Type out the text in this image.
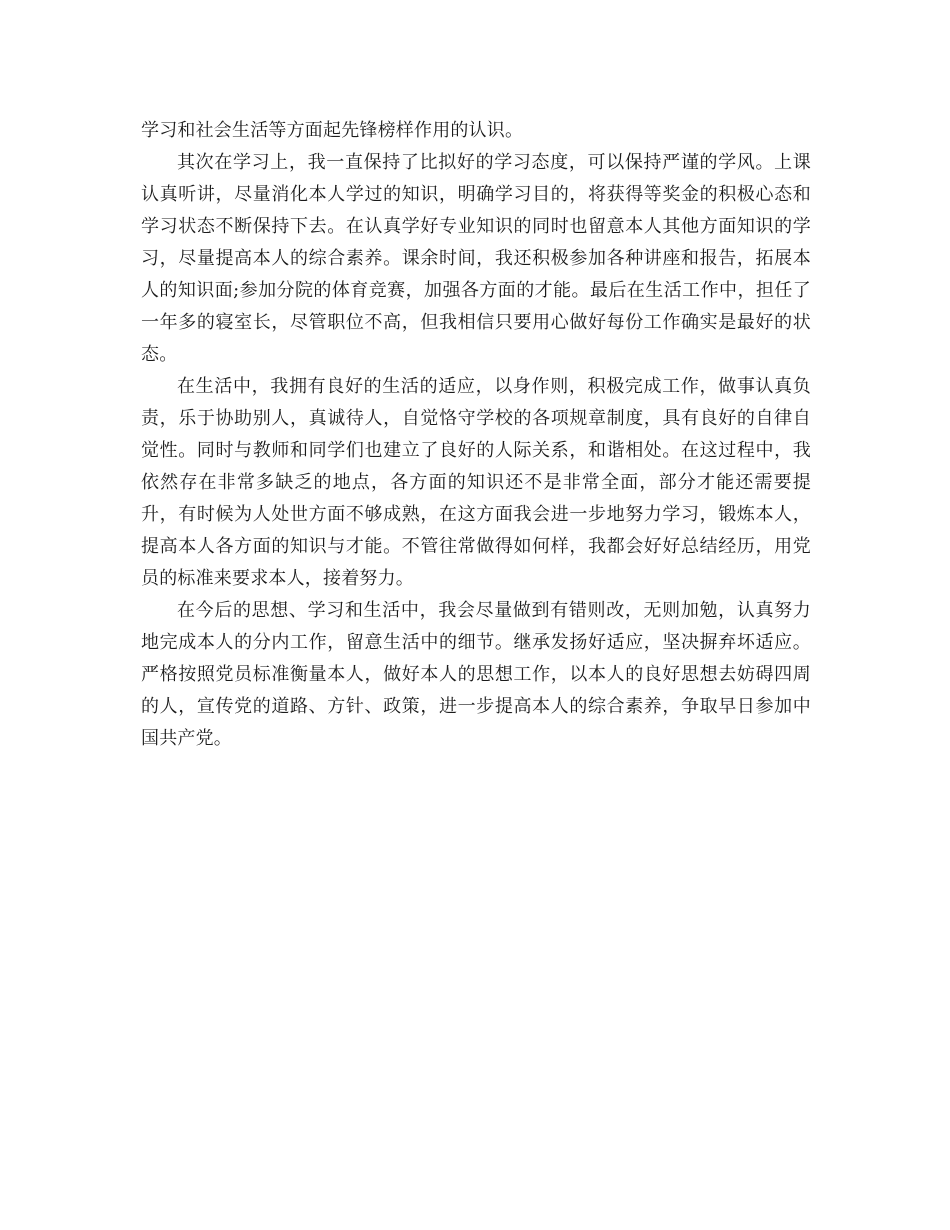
学习和社会生活等方面起先锋榜样作用的认识。

其次在学习上，我一直保持了比拟好的学习态度，可以保持严谨的学风。上课认真听讲，尽量消化本人学过的知识，明确学习目的，将获得等奖金的积极心态和学习状态不断保持下去。在认真学好专业知识的同时也留意本人其他方面知识的学习，尽量提高本人的综合素养。课余时间，我还积极参加各种讲座和报告，拓展本人的知识面;参加分院的体育竞赛，加强各方面的才能。最后在生活工作中，担任了一年多的寝室长，尽管职位不高，但我相信只要用心做好每份工作确实是最好的状态。

在生活中，我拥有良好的生活的适应，以身作则，积极完成工作，做事认真负责，乐于协助别人，真诚待人，自觉恪守学校的各项规章制度，具有良好的自律自觉性。同时与教师和同学们也建立了良好的人际关系，和谐相处。在这过程中，我依然存在非常多缺乏的地点，各方面的知识还不是非常全面，部分才能还需要提升，有时候为人处世方面不够成熟，在这方面我会进一步地努力学习，锻炼本人，提高本人各方面的知识与才能。不管往常做得如何样，我都会好好总结经历，用党员的标准来要求本人，接着努力。

在今后的思想、学习和生活中，我会尽量做到有错则改，无则加勉，认真努力地完成本人的分内工作，留意生活中的细节。继承发扬好适应，坚决摒弃坏适应。严格按照党员标准衡量本人，做好本人的思想工作，以本人的良好思想去妨碍四周的人，宣传党的道路、方针、政策，进一步提高本人的综合素养，争取早日参加中国共产党。
